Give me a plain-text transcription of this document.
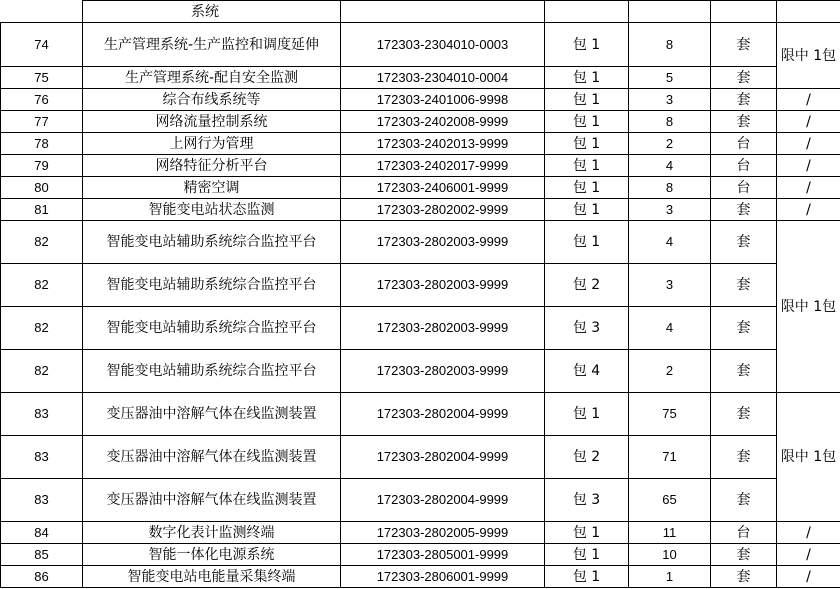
	系统					
74	生产管理系统-生产监控和调度延伸	172303-2304010-0003	包 1	8	套	限中 1包
75	生产管理系统-配自安全监测	172303-2304010-0004	包 1	5	套	
76	综合布线系统等	172303-2401006-9998	包 1	3	套	/
77	网络流量控制系统	172303-2402008-9999	包 1	8	套	/
78	上网行为管理	172303-2402013-9999	包 1	2	台	/
79	网络特征分析平台	172303-2402017-9999	包 1	4	台	/
80	精密空调	172303-2406001-9999	包 1	8	台	/
81	智能变电站状态监测	172303-2802002-9999	包 1	3	套	/
82	智能变电站辅助系统综合监控平台	172303-2802003-9999	包 1	4	套	限中 1包
82	智能变电站辅助系统综合监控平台	172303-2802003-9999	包 2	3	套	
82	智能变电站辅助系统综合监控平台	172303-2802003-9999	包 3	4	套	
82	智能变电站辅助系统综合监控平台	172303-2802003-9999	包 4	2	套	
83	变压器油中溶解气体在线监测装置	172303-2802004-9999	包 1	75	套	限中 1包
83	变压器油中溶解气体在线监测装置	172303-2802004-9999	包 2	71	套	
83	变压器油中溶解气体在线监测装置	172303-2802004-9999	包 3	65	套	
84	数字化表计监测终端	172303-2802005-9999	包 1	11	台	/
85	智能一体化电源系统	172303-2805001-9999	包 1	10	套	/
86	智能变电站电能量采集终端	172303-2806001-9999	包 1	1	套	/
